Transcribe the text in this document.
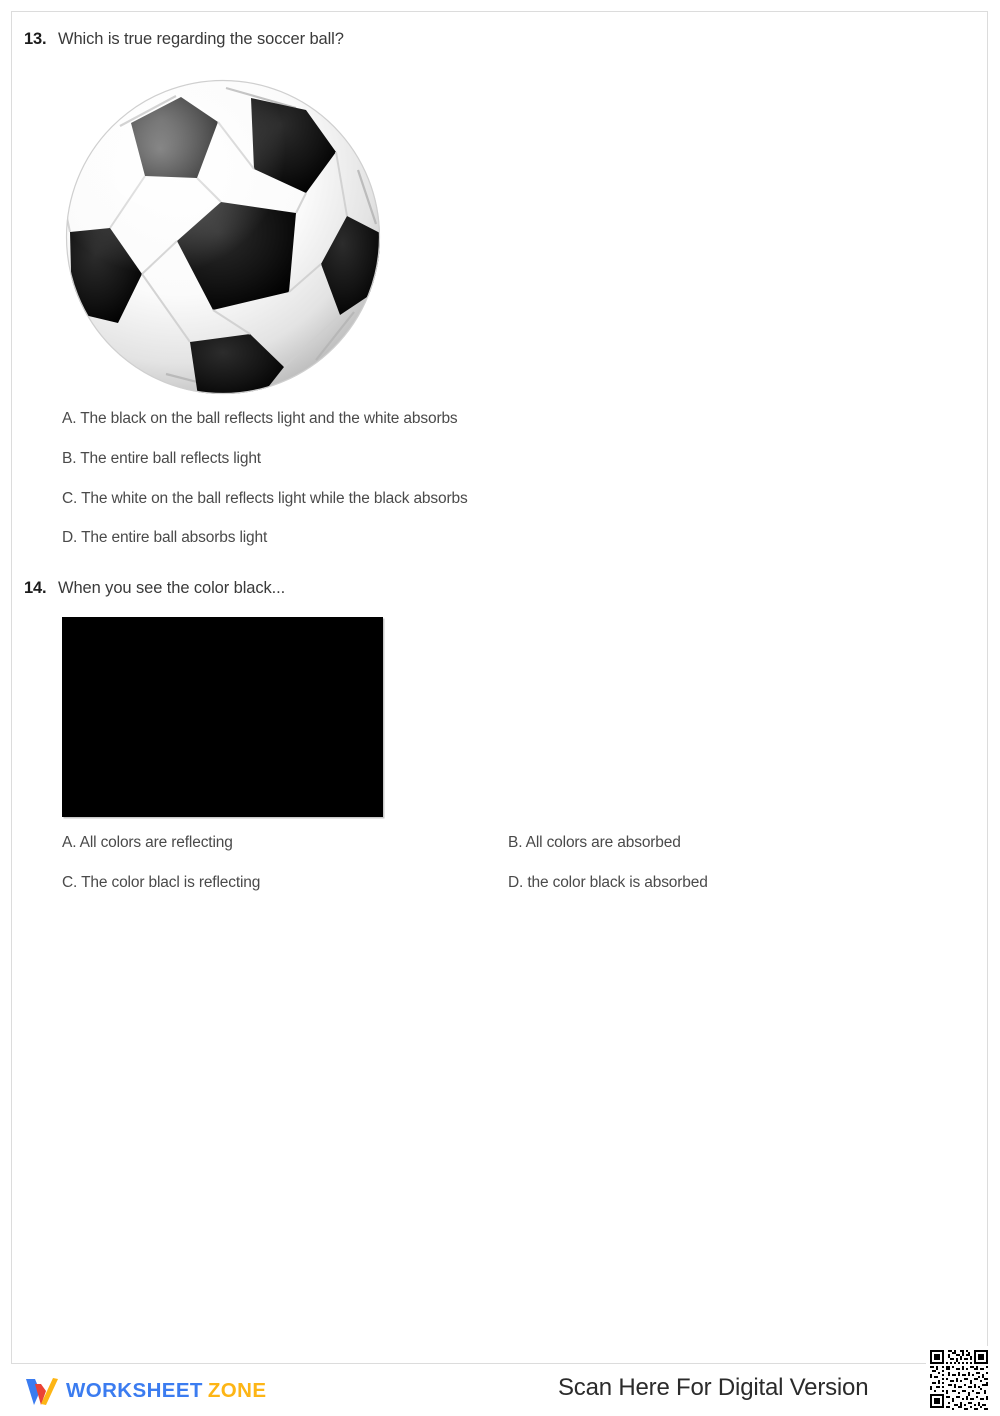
13. Which is true regarding the soccer ball?
A. The black on the ball reflects light and the white absorbs
B. The entire ball reflects light
C. The white on the ball reflects light while the black absorbs
D. The entire ball absorbs light
14. When you see the color black...
A. All colors are reflecting	B. All colors are absorbed
C. The color blacl is reflecting	D. the color black is absorbed
WORKSHEET ZONE	Scan Here For Digital Version
